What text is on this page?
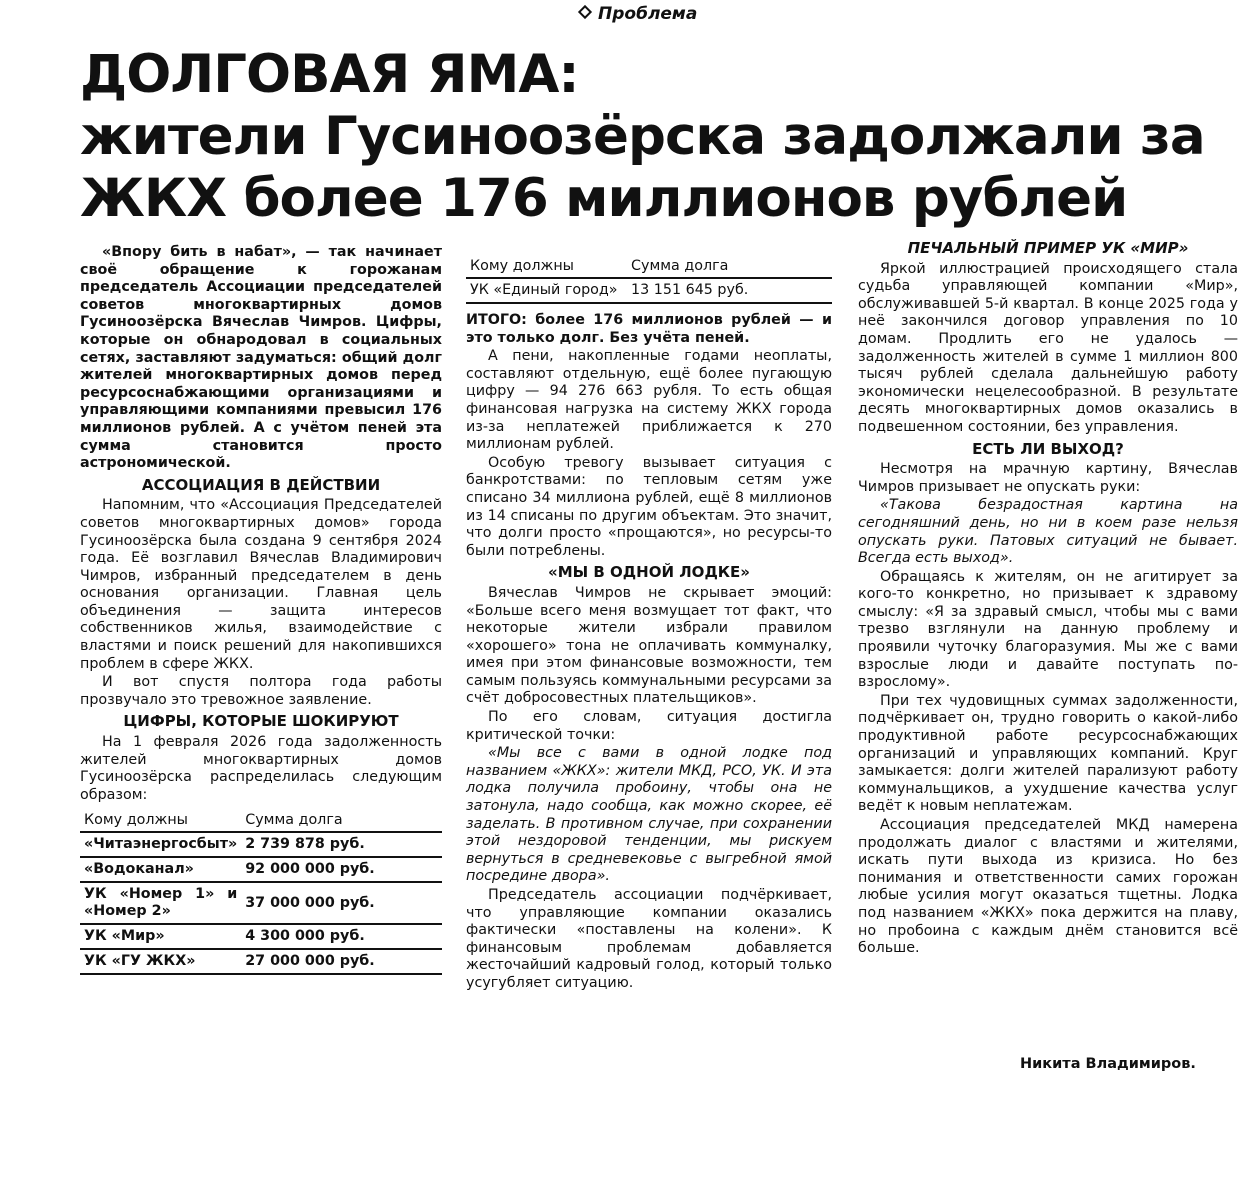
Проблема
ДОЛГОВАЯ ЯМА:
жители Гусиноозёрска задолжали за
ЖКХ более 176 миллионов рублей

«Впору бить в набат», — так начинает своё обращение к горожанам председатель Ассоциации председателей советов многоквартирных домов Гусиноозёрска Вячеслав Чимров. Цифры, которые он обнародовал в социальных сетях, заставляют задуматься: общий долг жителей многоквартирных домов перед ресурсоснабжающими организациями и управляющими компаниями превысил 176 миллионов рублей. А с учётом пеней эта сумма становится просто астрономической.

АССОЦИАЦИЯ В ДЕЙСТВИИ

Напомним, что «Ассоциация Председателей советов многоквартирных домов» города Гусиноозёрска была создана 9 сентября 2024 года. Её возглавил Вячеслав Владимирович Чимров, избранный председателем в день основания организации. Главная цель объединения — защита интересов собственников жилья, взаимодействие с властями и поиск решений для накопившихся проблем в сфере ЖКХ.

И вот спустя полтора года работы прозвучало это тревожное заявление.

ЦИФРЫ, КОТОРЫЕ ШОКИРУЮТ

На 1 февраля 2026 года задолженность жителей многоквартирных домов Гусиноозёрска распределилась следующим образом:

Кому должны	Сумма долга
«Читаэнергосбыт»	2 739 878 руб.
«Водоканал»	92 000 000 руб.
УК «Номер 1» и «Номер 2»	37 000 000 руб.
УК «Мир»	4 300 000 руб.
УК «ГУ ЖКХ»	27 000 000 руб.
Кому должны	Сумма долга
УК «Единый город»	13 151 645 руб.

ИТОГО: более 176 миллионов рублей — и это только долг. Без учёта пеней.

А пени, накопленные годами неоплаты, составляют отдельную, ещё более пугающую цифру — 94 276 663 рубля. То есть общая финансовая нагрузка на систему ЖКХ города из-за неплатежей приближается к 270 миллионам рублей.

Особую тревогу вызывает ситуация с банкротствами: по тепловым сетям уже списано 34 миллиона рублей, ещё 8 миллионов из 14 списаны по другим объектам. Это значит, что долги просто «прощаются», но ресурсы-то были потреблены.

«МЫ В ОДНОЙ ЛОДКЕ»

Вячеслав Чимров не скрывает эмоций: «Больше всего меня возмущает тот факт, что некоторые жители избрали правилом «хорошего» тона не оплачивать коммуналку, имея при этом финансовые возможности, тем самым пользуясь коммунальными ресурсами за счёт добросовестных плательщиков».

По его словам, ситуация достигла критической точки:

«Мы все с вами в одной лодке под названием «ЖКХ»: жители МКД, РСО, УК. И эта лодка получила пробоину, чтобы она не затонула, надо сообща, как можно скорее, её заделать. В противном случае, при сохранении этой нездоровой тенденции, мы рискуем вернуться в средневековье с выгребной ямой посредине двора».

Председатель ассоциации подчёркивает, что управляющие компании оказались фактически «поставлены на колени». К финансовым проблемам добавляется жесточайший кадровый голод, который только усугубляет ситуацию.

ПЕЧАЛЬНЫЙ ПРИМЕР УК «МИР»

Яркой иллюстрацией происходящего стала судьба управляющей компании «Мир», обслуживавшей 5-й квартал. В конце 2025 года у неё закончился договор управления по 10 домам. Продлить его не удалось — задолженность жителей в сумме 1 миллион 800 тысяч рублей сделала дальнейшую работу экономически нецелесообразной. В результате десять многоквартирных домов оказались в подвешенном состоянии, без управления.

ЕСТЬ ЛИ ВЫХОД?

Несмотря на мрачную картину, Вячеслав Чимров призывает не опускать руки:

«Такова безрадостная картина на сегодняшний день, но ни в коем разе нельзя опускать руки. Патовых ситуаций не бывает. Всегда есть выход».

Обращаясь к жителям, он не агитирует за кого-то конкретно, но призывает к здравому смыслу: «Я за здравый смысл, чтобы мы с вами трезво взглянули на данную проблему и проявили чуточку благоразумия. Мы же с вами взрослые люди и давайте поступать по-взрослому».

При тех чудовищных суммах задолженности, подчёркивает он, трудно говорить о какой-либо продуктивной работе ресурсоснабжающих организаций и управляющих компаний. Круг замыкается: долги жителей парализуют работу коммунальщиков, а ухудшение качества услуг ведёт к новым неплатежам.

Ассоциация председателей МКД намерена продолжать диалог с властями и жителями, искать пути выхода из кризиса. Но без понимания и ответственности самих горожан любые усилия могут оказаться тщетны. Лодка под названием «ЖКХ» пока держится на плаву, но пробоина с каждым днём становится всё больше.

Никита Владимиров.
